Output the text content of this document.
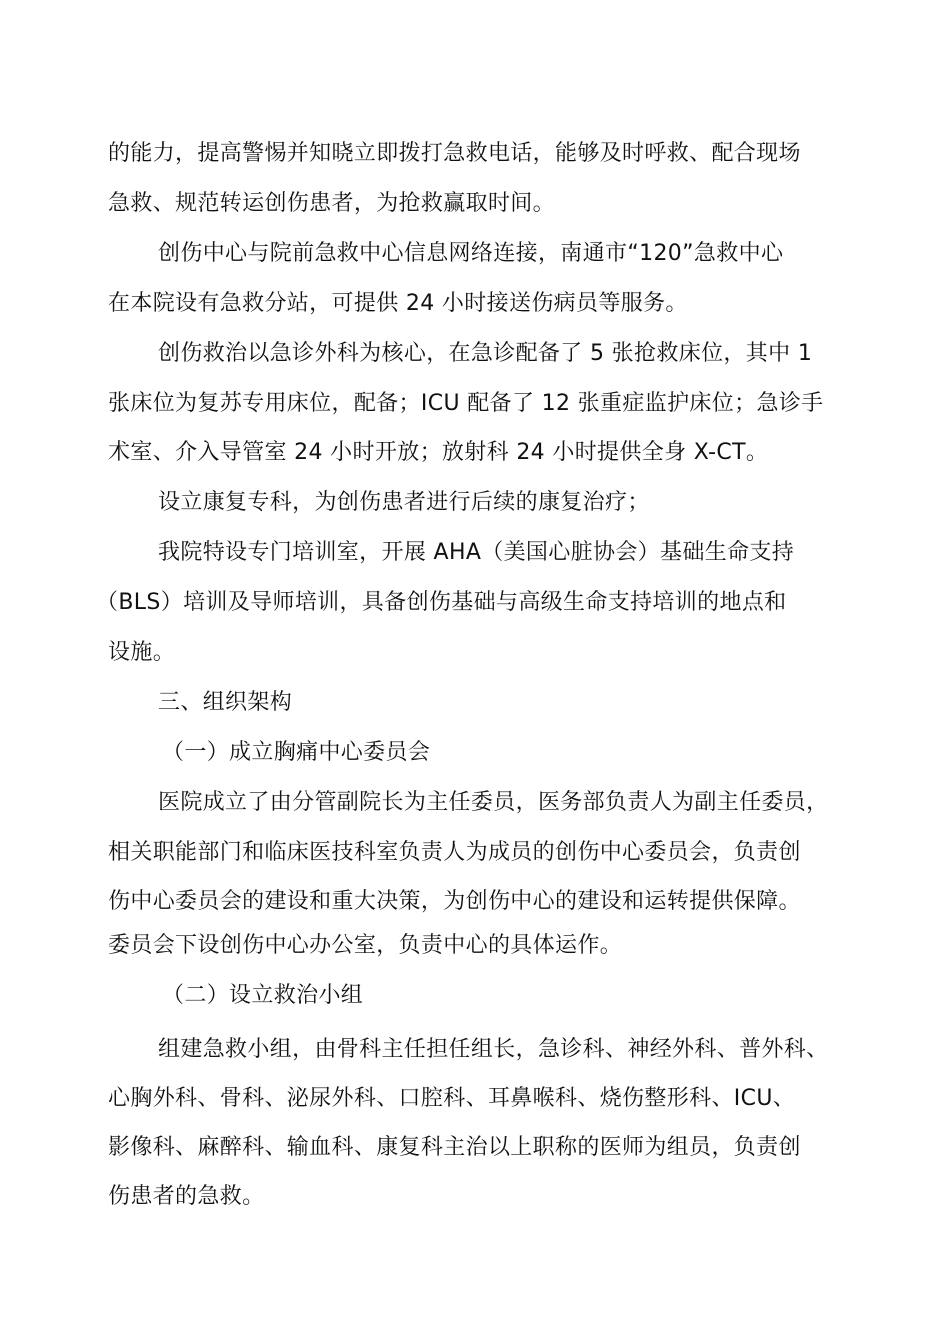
的能力，提高警惕并知晓立即拨打急救电话，能够及时呼救、配合现场
急救、规范转运创伤患者，为抢救赢取时间。
创伤中心与院前急救中心信息网络连接，南通市“120”急救中心
在本院设有急救分站，可提供 24 小时接送伤病员等服务。
创伤救治以急诊外科为核心，在急诊配备了 5 张抢救床位，其中 1
张床位为复苏专用床位，配备；ICU 配备了 12 张重症监护床位；急诊手
术室、介入导管室 24 小时开放；放射科 24 小时提供全身 X-CT。
设立康复专科，为创伤患者进行后续的康复治疗；
我院特设专门培训室，开展 AHA（美国心脏协会）基础生命支持
（BLS）培训及导师培训，具备创伤基础与高级生命支持培训的地点和
设施。
三、组织架构
（一）成立胸痛中心委员会
医院成立了由分管副院长为主任委员，医务部负责人为副主任委员，
相关职能部门和临床医技科室负责人为成员的创伤中心委员会，负责创
伤中心委员会的建设和重大决策，为创伤中心的建设和运转提供保障。
委员会下设创伤中心办公室，负责中心的具体运作。
（二）设立救治小组
组建急救小组，由骨科主任担任组长，急诊科、神经外科、普外科、
心胸外科、骨科、泌尿外科、口腔科、耳鼻喉科、烧伤整形科、ICU、
影像科、麻醉科、输血科、康复科主治以上职称的医师为组员，负责创
伤患者的急救。
